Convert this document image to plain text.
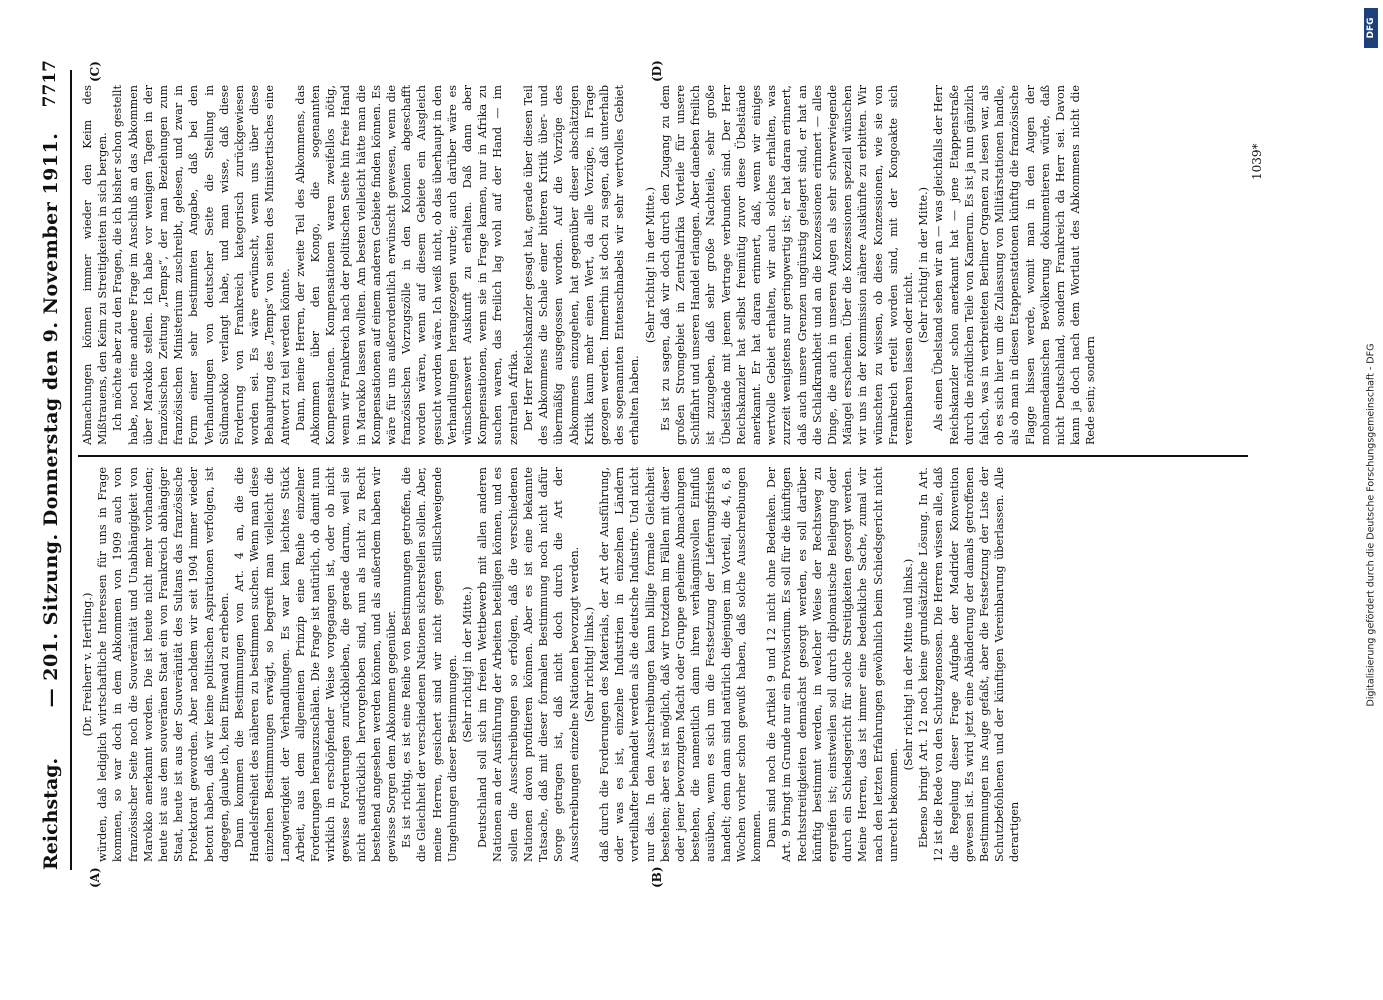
Reichstag.
— 201. Sitzung. Donnerstag den 9. November 1911.
7717
(A)	(B)
(C)	(D)

(Dr. Freiherr v. Hertling.) würden, daß lediglich wirtschaftliche Interessen für uns in Frage kommen, so war doch in dem Abkommen von 1909 auch von französischer Seite noch die Souveränität und Unabhängigkeit von Marokko anerkannt worden. Die ist heute nicht mehr vorhanden; heute ist aus dem souveränen Staat ein von Frankreich abhängiger Staat, heute ist aus der Souveränität des Sultans das französische Protektorat geworden. Aber nachdem wir seit 1904 immer wieder betont haben, daß wir keine politischen Aspirationen verfolgen, ist dagegen, glaube ich, kein Einwand zu erheben. Dann kommen die Bestimmungen von Art. 4 an, die die Handelsfreiheit des näheren zu bestimmen suchen. Wenn man diese einzelnen Bestimmungen erwägt, so begreift man vielleicht die Langwierigkeit der Verhandlungen. Es war kein leichtes Stück Arbeit, aus dem allgemeinen Prinzip eine Reihe einzelner Forderungen herauszuschälen. Die Frage ist natürlich, ob damit nun wirklich in erschöpfender Weise vorgegangen ist, oder ob nicht gewisse Forderungen zurückbleiben, die gerade darum, weil sie nicht ausdrücklich hervorgehoben sind, nun als nicht zu Recht bestehend angesehen werden können, und als außerdem haben wir gewisse Sorgen dem Abkommen gegenüber. Es ist richtig, es ist eine Reihe von Bestimmungen getroffen, die die Gleichheit der verschiedenen Nationen sicherstellen sollen. Aber, meine Herren, gesichert sind wir nicht gegen stillschweigende Umgehungen dieser Bestimmungen. (Sehr richtig! in der Mitte.) Deutschland soll sich im freien Wettbewerb mit allen anderen Nationen an der Ausführung der Arbeiten beteiligen können, und es sollen die Ausschreibungen so erfolgen, daß die verschiedenen Nationen davon profitieren können. Aber es ist eine bekannte Tatsache, daß mit dieser formalen Bestimmung noch nicht dafür Sorge getragen ist, daß nicht doch durch die Art der Ausschreibungen einzelne Nationen bevorzugt werden. (Sehr richtig! links.) daß durch die Forderungen des Materials, der Art der Ausführung, oder was es ist, einzelne Industrien in einzelnen Ländern vorteilhafter behandelt werden als die deutsche Industrie. Und nicht nur das. In den Ausschreibungen kann billige formale Gleichheit bestehen; aber es ist möglich, daß wir trotzdem im Fällen mit dieser oder jener bevorzugten Macht oder Gruppe geheime Abmachungen bestehen, die namentlich dann ihren verhängnisvollen Einfluß ausüben, wenn es sich um die Festsetzung der Lieferungsfristen handelt; denn dann sind natürlich diejenigen im Vorteil, die 4, 6, 8 Wochen vorher schon gewußt haben, daß solche Ausschreibungen kommen. Dann sind noch die Artikel 9 und 12 nicht ohne Bedenken. Der Art. 9 bringt im Grunde nur ein Provisorium. Es soll für die künftigen Rechtsstreitigkeiten demnächst gesorgt werden, es soll darüber künftig bestimmt werden, in welcher Weise der Rechtsweg zu ergreifen ist; einstweilen soll durch diplomatische Beilegung oder durch ein Schiedsgericht für solche Streitigkeiten gesorgt werden. Meine Herren, das ist immer eine bedenkliche Sache, zumal wir nach den letzten Erfahrungen gewöhnlich beim Schiedsgericht nicht unrecht bekommen.

(Sehr richtig! in der Mitte und links.) Ebenso bringt Art. 12 noch keine grundsätzliche Lösung. In Art. 12 ist die Rede von den Schutzgenossen. Die Herren wissen alle, daß die Regelung dieser Frage Aufgabe der Madrider Konvention gewesen ist. Es wird jetzt eine Abänderung der damals getroffenen Bestimmungen ins Auge gefaßt, aber die Festsetzung der Liste der Schutzbefohlenen und der künftigen Vereinbarung überlassen. Alle derartigen

Abmachungen können immer wieder den Keim des Mißtrauens, den Keim zu Streitigkeiten in sich bergen. Ich möchte aber zu den Fragen, die ich bisher schon gestellt habe, noch eine andere Frage im Anschluß an das Abkommen über Marokko stellen. Ich habe vor wenigen Tagen in der französischen Zeitung „Temps“, der man Beziehungen zum französischen Ministerium zuschreibt, gelesen, und zwar in Form einer sehr bestimmten Angabe, daß bei den Verhandlungen von deutscher Seite die Stellung in Südmarokko verlangt habe, und man wisse, daß diese Forderung von Frankreich kategorisch zurückgewiesen worden sei. Es wäre erwünscht, wenn uns über diese Behauptung des „Temps“ von seiten des Ministertisches eine Antwort zu teil werden könnte. Dann, meine Herren, der zweite Teil des Abkommens, das Abkommen über den Kongo, die sogenannten Kompensationen. Kompensationen waren zweifellos nötig, wenn wir Frankreich nach der politischen Seite hin freie Hand in Marokko lassen wollten. Am besten vielleicht hätte man die Kompensationen auf einem anderen Gebiete finden können. Es wäre für uns außerordentlich erwünscht gewesen, wenn die französischen Vorzugszölle in den Kolonien abgeschafft worden wären, wenn auf diesem Gebiete ein Ausgleich gesucht worden wäre. Ich weiß nicht, ob das überhaupt in den Verhandlungen herangezogen wurde; auch darüber wäre es wünschenswert Auskunft zu erhalten. Daß dann aber Kompensationen, wenn sie in Frage kamen, nur in Afrika zu suchen waren, das freilich lag wohl auf der Hand — im zentralen Afrika. Der Herr Reichskanzler gesagt hat, gerade über diesen Teil des Abkommens die Schale einer bitteren Kritik über- und übermäßig ausgegossen worden. Auf die Vorzüge des Abkommens einzugehen, hat gegenüber dieser abschätzigen Kritik kaum mehr einen Wert, da alle Vorzüge, in Frage gezogen werden. Immerhin ist doch zu sagen, daß unterhalb des sogenannten Entenschnabels wir sehr wertvolles Gebiet erhalten haben.

(Sehr richtig! in der Mitte.) Es ist zu sagen, daß wir doch durch den Zugang zu dem großen Stromgebiet in Zentralafrika Vorteile für unsere Schiffahrt und unseren Handel erlangen. Aber daneben freilich ist zuzugeben, daß sehr große Nachteile, sehr große Übelstände mit jenem Vertrage verbunden sind. Der Herr Reichskanzler hat selbst freimütig zuvor diese Übelstände anerkannt. Er hat daran erinnert, daß, wenn wir einiges wertvolle Gebiet erhalten, wir auch solches erhalten, was zurzeit wenigstens nur geringwertig ist; er hat daran erinnert, daß auch unsere Grenzen ungünstig gelagert sind, er hat an die Schlafkrankheit und an die Konzessionen erinnert — alles Dinge, die auch in unseren Augen als sehr schwerwiegende Mängel erscheinen. Über die Konzessionen speziell wünschen wir uns in der Kommission nähere Auskünfte zu erbitten. Wir wünschten zu wissen, ob diese Konzessionen, wie sie von Frankreich erteilt worden sind, mit der Kongoakte sich vereinbaren lassen oder nicht.

(Sehr richtig! in der Mitte.) Als einen Übelstand sehen wir an — was gleichfalls der Herr Reichskanzler schon anerkannt hat — jene Etappenstraße durch die nördlichen Teile von Kamerun. Es ist ja nun gänzlich falsch, was in verbreiteten Berliner Organen zu lesen war, als ob es sich hier um die Zulassung von Militärstationen handle, als ob man in diesen Etappenstationen künftig die französische Flagge hissen werde, womit man in den Augen der mohamedanischen Bevölkerung dokumentieren würde, daß nicht Deutschland, sondern Frankreich da Herr sei. Davon kann ja doch nach dem Wortlaut des Abkommens nicht die Rede sein; sondern

1039*
DFG
Digitalisierung gefördert durch die Deutsche Forschungsgemeinschaft - DFG
